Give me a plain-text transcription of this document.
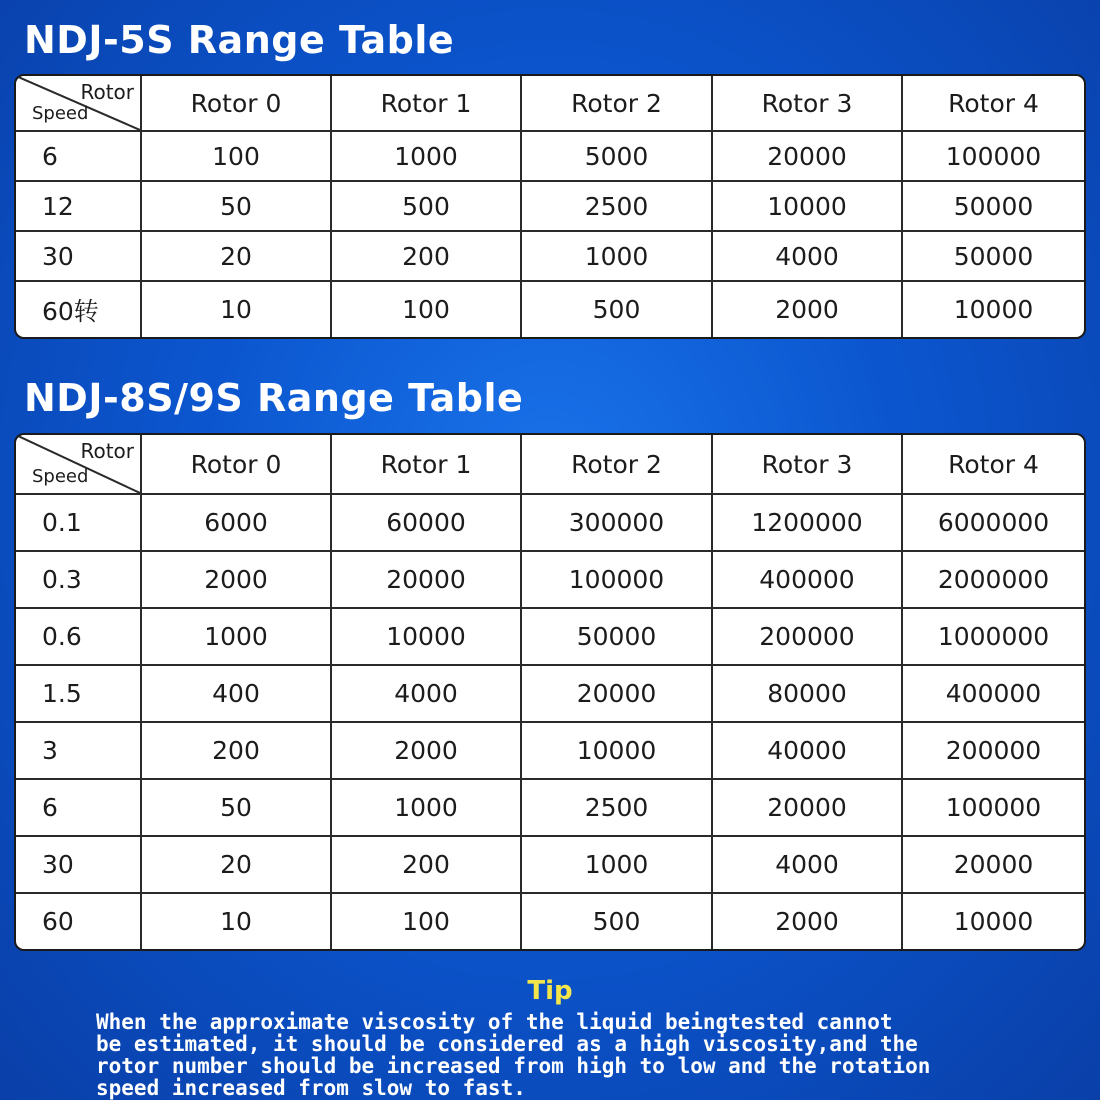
NDJ-5S Range Table
Rotor
Speed	Rotor 0	Rotor 1	Rotor 2	Rotor 3	Rotor 4
6	100	1000	5000	20000	100000
12	50	500	2500	10000	50000
30	20	200	1000	4000	50000
60转	10	100	500	2000	10000
NDJ-8S/9S Range Table
Rotor
Speed	Rotor 0	Rotor 1	Rotor 2	Rotor 3	Rotor 4
0.1	6000	60000	300000	1200000	6000000
0.3	2000	20000	100000	400000	2000000
0.6	1000	10000	50000	200000	1000000
1.5	400	4000	20000	80000	400000
3	200	2000	10000	40000	200000
6	50	1000	2500	20000	100000
30	20	200	1000	4000	20000
60	10	100	500	2000	10000
Tip

When the approximate viscosity of the liquid beingtested cannot
be estimated, it should be considered as a high viscosity,and the
rotor number should be increased from high to low and the rotation
speed increased from slow to fast.
